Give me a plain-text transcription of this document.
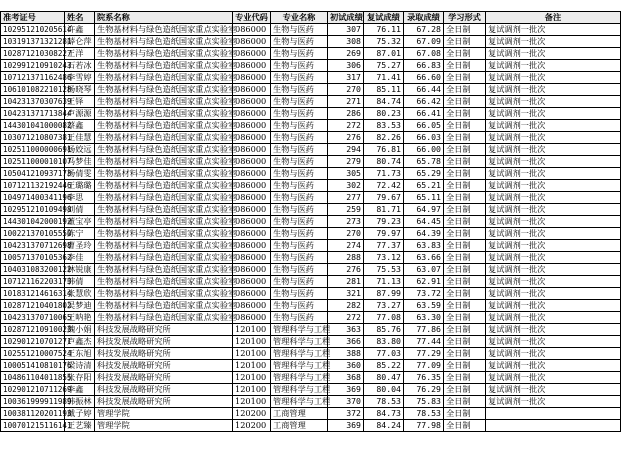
准考证号	姓名	院系名称	专业代码	专业名称	初试成绩	复试成绩	录取成绩	学习形式	备注
102951210205614	许鑫	生物基材料与绿色造纸国家重点实验室	086000	生物与医药	307	76.11	67.28	全日制	复试调剂一批次
103191371321281	薛仑萍	生物基材料与绿色造纸国家重点实验室	086000	生物与医药	308	75.32	67.09	全日制	复试调剂一批次
102871210308227	王洋	生物基材料与绿色造纸国家重点实验室	086000	生物与医药	269	87.01	67.08	全日制	复试调剂一批次
102991210910243	石若冰	生物基材料与绿色造纸国家重点实验室	086000	生物与医药	306	75.27	66.83	全日制	复试调剂一批次
107121371162486	李雪婷	生物基材料与绿色造纸国家重点实验室	086000	生物与医药	317	71.41	66.60	全日制	复试调剂一批次
106101082210128	杨晓琴	生物基材料与绿色造纸国家重点实验室	086000	生物与医药	270	85.11	66.44	全日制	复试调剂一批次
104231370307639	王铎	生物基材料与绿色造纸国家重点实验室	086000	生物与医药	271	84.74	66.42	全日制	复试调剂一批次
104231371713844	卢源源	生物基材料与绿色造纸国家重点实验室	086000	生物与医药	286	80.23	66.41	全日制	复试调剂一批次
144301041000082	蔡鑫	生物基材料与绿色造纸国家重点实验室	086000	生物与医药	272	83.53	66.05	全日制	复试调剂一批次
103071210807381	王佳慧	生物基材料与绿色造纸国家重点实验室	086000	生物与医药	276	82.26	66.03	全日制	复试调剂一批次
102511000000691	杨姣远	生物基材料与绿色造纸国家重点实验室	086000	生物与医药	294	76.81	66.00	全日制	复试调剂一批次
102511000010107	马梦佳	生物基材料与绿色造纸国家重点实验室	086000	生物与医药	279	80.74	65.78	全日制	复试调剂一批次
105041210937173	杨倩雯	生物基材料与绿色造纸国家重点实验室	086000	生物与医药	305	71.73	65.29	全日制	复试调剂一批次
107121132192446	王璐璐	生物基材料与绿色造纸国家重点实验室	086000	生物与医药	302	72.42	65.21	全日制	复试调剂一批次
104971400341196	李思	生物基材料与绿色造纸国家重点实验室	086000	生物与医药	277	79.67	65.11	全日制	复试调剂一批次
102951210109498	刘倩	生物基材料与绿色造纸国家重点实验室	086000	生物与医药	259	81.71	64.97	全日制	复试调剂一批次
144301042000192	董宝亭	生物基材料与绿色造纸国家重点实验室	086000	生物与医药	273	79.23	64.45	全日制	复试调剂一批次
100221370105550	陈宁	生物基材料与绿色造纸国家重点实验室	086000	生物与医药	270	79.97	64.39	全日制	复试调剂一批次
104231370712698	曹圣玲	生物基材料与绿色造纸国家重点实验室	086000	生物与医药	274	77.37	63.83	全日制	复试调剂一批次
100571370105362	李佳	生物基材料与绿色造纸国家重点实验室	086000	生物与医药	288	73.12	63.66	全日制	复试调剂一批次
104031083200122	林锐康	生物基材料与绿色造纸国家重点实验室	086000	生物与医药	276	75.53	63.07	全日制	复试调剂一批次
107121162203173	韩倩	生物基材料与绿色造纸国家重点实验室	086000	生物与医药	281	71.13	62.91	全日制	复试调剂一批次
101831214616314	张慧欣	生物基材料与绿色造纸国家重点实验室	086000	生物与医药	321	87.99	73.72	全日制	复试调剂一批次
102871210401802	吴梦迪	生物基材料与绿色造纸国家重点实验室	086000	生物与医药	282	73.27	63.59	全日制	复试调剂一批次
104231370710065	王呐艳	生物基材料与绿色造纸国家重点实验室	086000	生物与医药	272	77.08	63.30	全日制	复试调剂一批次
102871210910023	魏小娟	科技发展战略研究所	120100	管理科学与工程	363	85.76	77.86	全日制	复试调剂一批次
102901210701271	卢鑫杰	科技发展战略研究所	120100	管理科学与工程	366	83.80	77.44	全日制	复试调剂一批次
102551210007524	王东旭	科技发展战略研究所	120100	管理科学与工程	388	77.03	77.29	全日制	复试调剂一批次
100051410810176	梁诗清	科技发展战略研究所	120100	管理科学与工程	360	85.22	77.09	全日制	复试调剂一批次
104861104011855	张存阳	科技发展战略研究所	120100	管理科学与工程	368	80.47	76.35	全日制	复试调剂一批次
102901210711269	李鑫	科技发展战略研究所	120100	管理科学与工程	369	80.04	76.29	全日制	复试调剂一批次
100361999911989	韩振林	科技发展战略研究所	120100	管理科学与工程	370	78.53	75.83	全日制	复试调剂一批次
100381120201193	戴子婷	管理学院	120200	工商管理	372	84.73	78.53	全日制	
100701215116141	王艺臻	管理学院	120200	工商管理	369	84.24	77.98	全日制	
